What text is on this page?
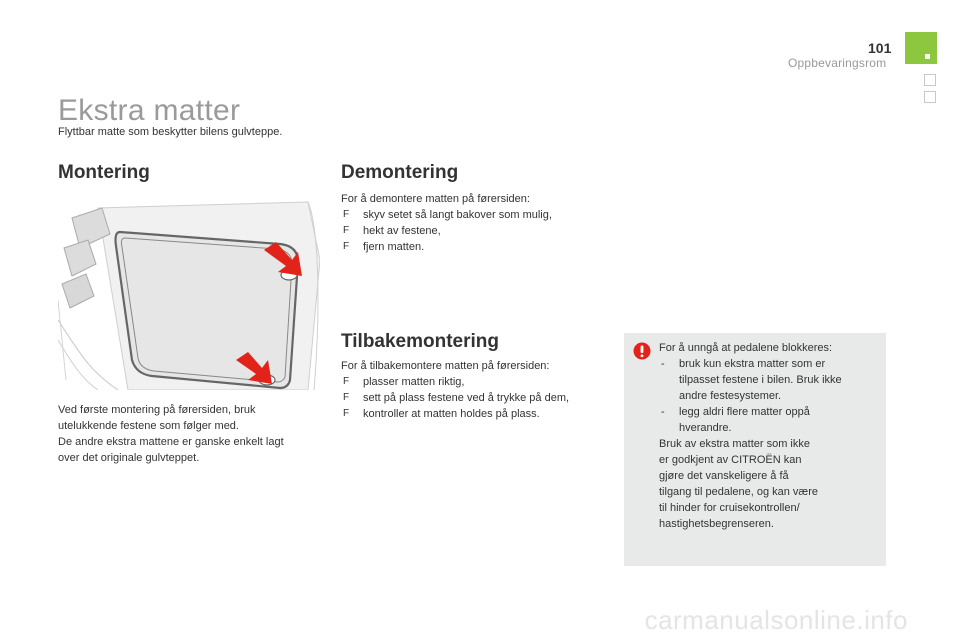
101
Oppbevaringsrom
Ekstra matter
Flyttbar matte som beskytter bilens gulvteppe.
Montering
Ved første montering på førersiden, bruk
utelukkende festene som følger med.
De andre ekstra mattene er ganske enkelt lagt
over det originale gulvteppet.
Demontering
For å demontere matten på førersiden:
F skyv setet så langt bakover som mulig,
F hekt av festene,
F fjern matten.
Tilbakemontering
For å tilbakemontere matten på førersiden:
F plasser matten riktig,
F sett på plass festene ved å trykke på dem,
F kontroller at matten holdes på plass.
For å unngå at pedalene blokkeres:
- bruk kun ekstra matter som er
tilpasset festene i bilen. Bruk ikke
andre festesystemer.
- legg aldri flere matter oppå
hverandre.
Bruk av ekstra matter som ikke
er godkjent av CITROËN kan
gjøre det vanskeligere å få
tilgang til pedalene, og kan være
til hinder for cruisekontrollen/
hastighetsbegrenseren.
carmanualsonline.info
